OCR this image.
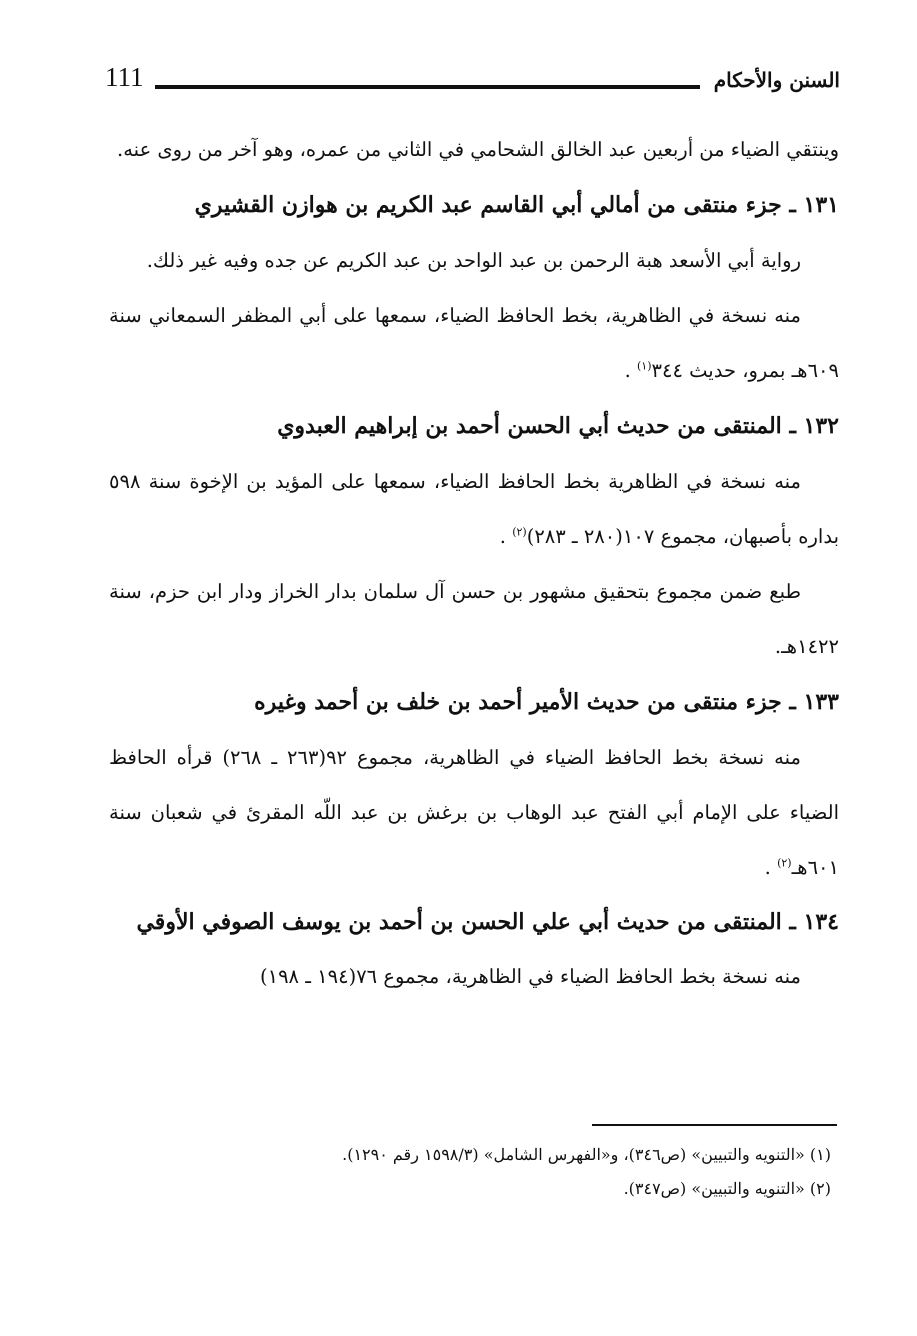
111	السنن والأحكام

وينتقي الضياء من أربعين عبد الخالق الشحامي في الثاني من عمره، وهو آخر من روى عنه.

١٣١ ـ جزء منتقى من أمالي أبي القاسم عبد الكريم بن هوازن القشيري

رواية أبي الأسعد هبة الرحمن بن عبد الواحد بن عبد الكريم عن جده وفيه غير ذلك.

منه نسخة في الظاهرية، بخط الحافظ الضياء، سمعها على أبي المظفر السمعاني سنة ٦٠٩هـ بمرو، حديث ٣٤٤$^{(١)}$ .

١٣٢ ـ المنتقى من حديث أبي الحسن أحمد بن إبراهيم العبدوي

منه نسخة في الظاهرية بخط الحافظ الضياء، سمعها على المؤيد بن الإخوة سنة ٥٩٨ بداره بأصبهان، مجموع ١٠٧(٢٨٠ ـ ٢٨٣)$^{(٢)}$ .

طبع ضمن مجموع بتحقيق مشهور بن حسن آل سلمان بدار الخراز ودار ابن حزم، سنة ١٤٢٢هـ.

١٣٣ ـ جزء منتقى من حديث الأمير أحمد بن خلف بن أحمد وغيره

منه نسخة بخط الحافظ الضياء في الظاهرية، مجموع ٩٢(٢٦٣ ـ ٢٦٨) قرأه الحافظ الضياء على الإمام أبي الفتح عبد الوهاب بن برغش بن عبد اللّه المقرئ في شعبان سنة ٦٠١هـ$^{(٢)}$ .

١٣٤ ـ المنتقى من حديث أبي علي الحسن بن أحمد بن يوسف الصوفي الأوقي

منه نسخة بخط الحافظ الضياء في الظاهرية، مجموع ٧٦(١٩٤ ـ ١٩٨)

(١) «التنويه والتبيين» (ص٣٤٦)، و«الفهرس الشامل» (١٥٩٨/٣ رقم ١٢٩٠).

(٢) «التنويه والتبيين» (ص٣٤٧).
